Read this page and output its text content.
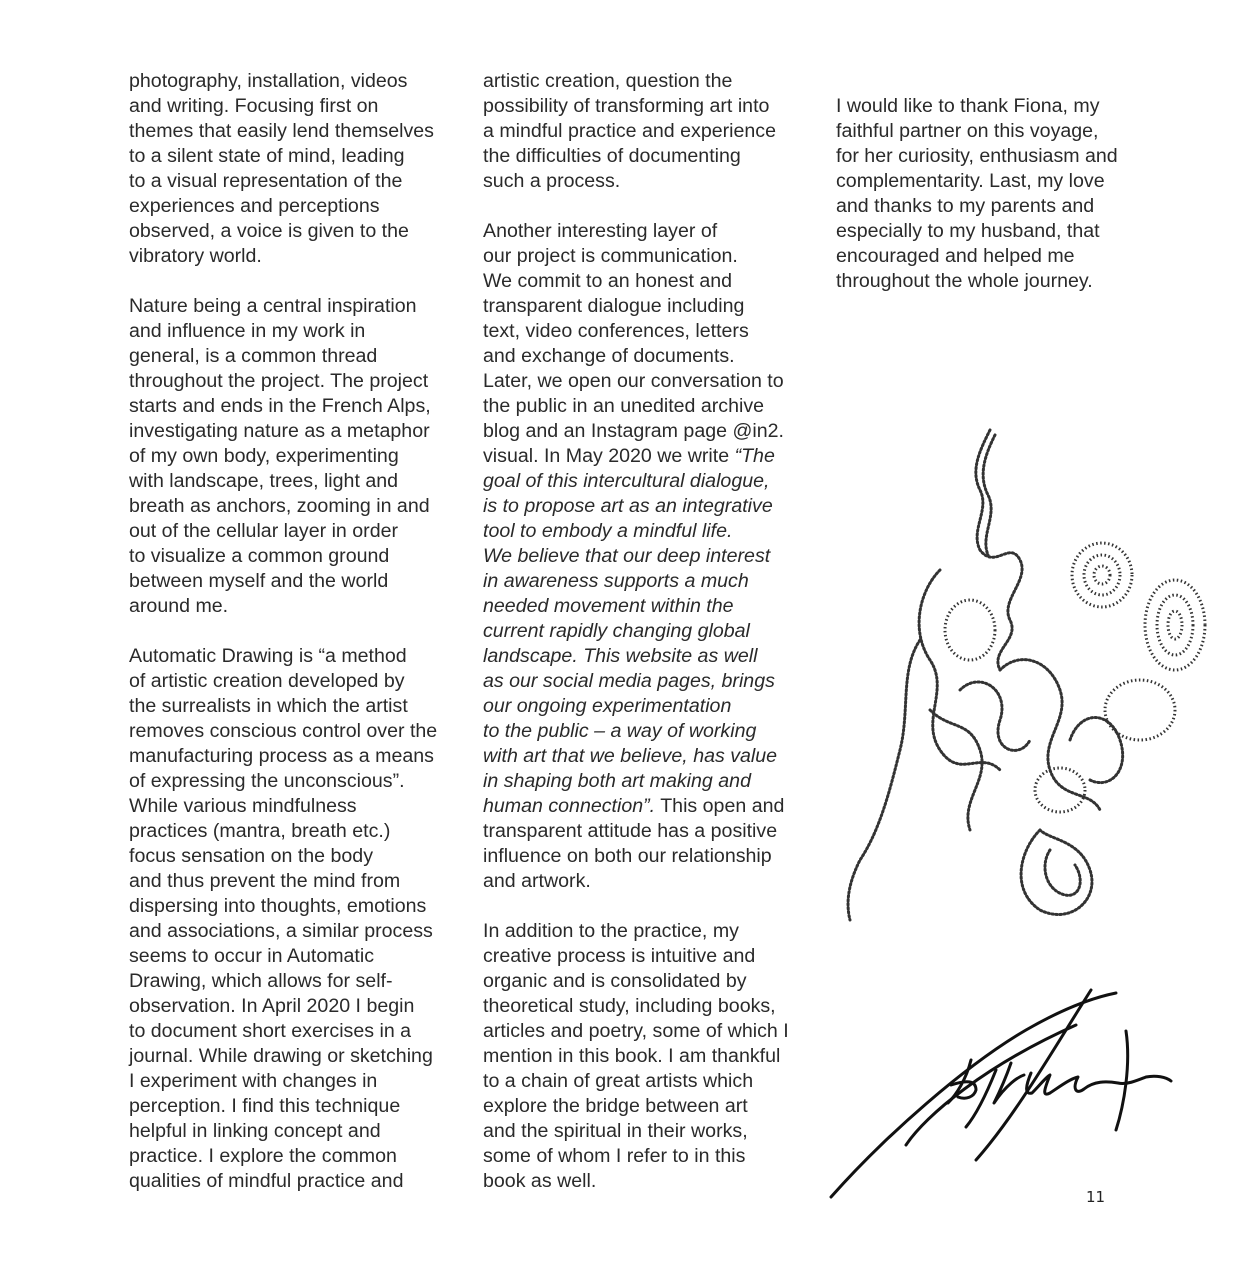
photography, installation, videos
and writing. Focusing first on
themes that easily lend themselves
to a silent state of mind, leading
to a visual representation of the
experiences and perceptions
observed, a voice is given to the
vibratory world.
Nature being a central inspiration
and influence in my work in
general, is a common thread
throughout the project. The project
starts and ends in the French Alps,
investigating nature as a metaphor
of my own body, experimenting
with landscape, trees, light and
breath as anchors, zooming in and
out of the cellular layer in order
to visualize a common ground
between myself and the world
around me.
Automatic Drawing is “a method
of artistic creation developed by
the surrealists in which the artist
removes conscious control over the
manufacturing process as a means
of expressing the unconscious”.
While various mindfulness
practices (mantra, breath etc.)
focus sensation on the body
and thus prevent the mind from
dispersing into thoughts, emotions
and associations, a similar process
seems to occur in Automatic
Drawing, which allows for self-
observation. In April 2020 I begin
to document short exercises in a
journal. While drawing or sketching
I experiment with changes in
perception. I find this technique
helpful in linking concept and
practice. I explore the common
qualities of mindful practice and
artistic creation, question the
possibility of transforming art into
a mindful practice and experience
the difficulties of documenting
such a process.
Another interesting layer of
our project is communication.
We commit to an honest and
transparent dialogue including
text, video conferences, letters
and exchange of documents.
Later, we open our conversation to
the public in an unedited archive
blog and an Instagram page @in2.
visual. In May 2020 we write “The
goal of this intercultural dialogue,
is to propose art as an integrative
tool to embody a mindful life.
We believe that our deep interest
in awareness supports a much
needed movement within the
current rapidly changing global
landscape. This website as well
as our social media pages, brings
our ongoing experimentation
to the public – a way of working
with art that we believe, has value
in shaping both art making and
human connection”. This open and
transparent attitude has a positive
influence on both our relationship
and artwork.
In addition to the practice, my
creative process is intuitive and
organic and is consolidated by
theoretical study, including books,
articles and poetry, some of which I
mention in this book. I am thankful
to a chain of great artists which
explore the bridge between art
and the spiritual in their works,
some of whom I refer to in this
book as well.
I would like to thank Fiona, my
faithful partner on this voyage,
for her curiosity, enthusiasm and
complementarity. Last, my love
and thanks to my parents and
especially to my husband, that
encouraged and helped me
throughout the whole journey.
11
